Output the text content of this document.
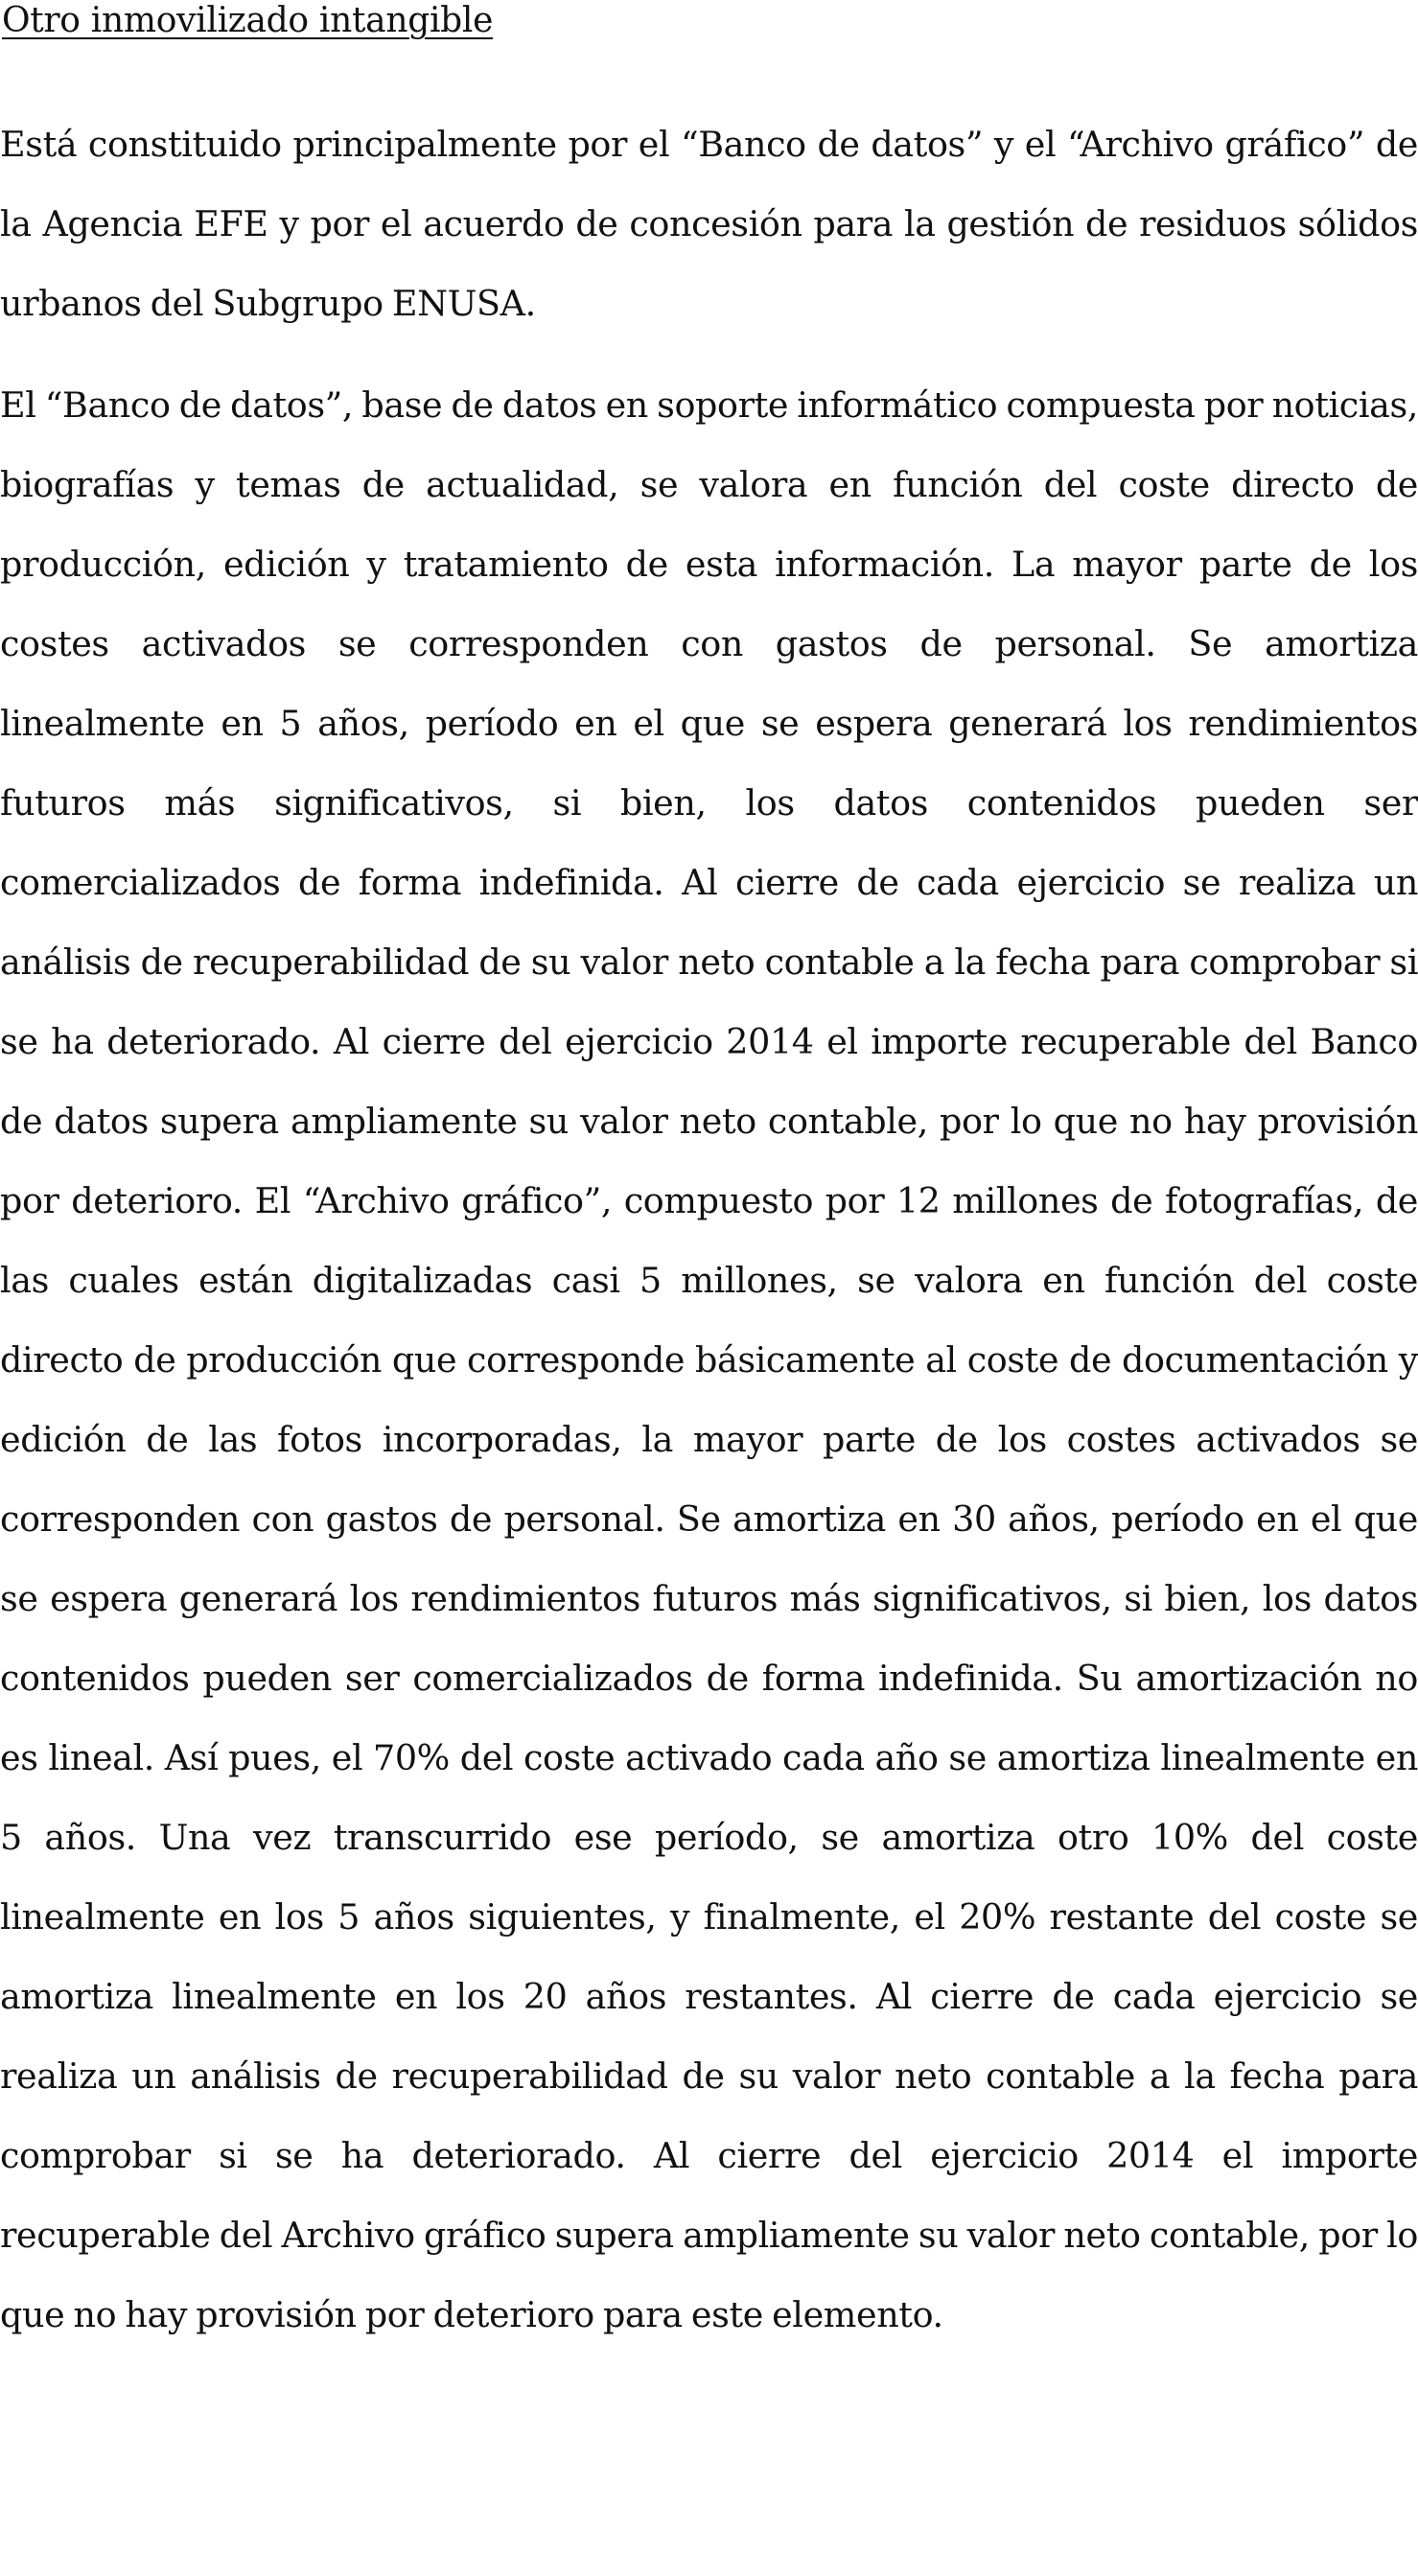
Otro inmovilizado intangible

Está constituido principalmente por el “Banco de datos” y el “Archivo gráfico” de la Agencia EFE y por el acuerdo de concesión para la gestión de residuos sólidos urbanos del Subgrupo ENUSA.

El “Banco de datos”, base de datos en soporte informático compuesta por noticias, biografías y temas de actualidad, se valora en función del coste directo de producción, edición y tratamiento de esta información. La mayor parte de los costes activados se corresponden con gastos de personal. Se amortiza linealmente en 5 años, período en el que se espera generará los rendimientos futuros más significativos, si bien, los datos contenidos pueden ser comercializados de forma indefinida. Al cierre de cada ejercicio se realiza un análisis de recuperabilidad de su valor neto contable a la fecha para comprobar si se ha deteriorado. Al cierre del ejercicio 2014 el importe recuperable del Banco de datos supera ampliamente su valor neto contable, por lo que no hay provisión por deterioro. El “Archivo gráfico”, compuesto por 12 millones de fotografías, de las cuales están digitalizadas casi 5 millones, se valora en función del coste directo de producción que corresponde básicamente al coste de documentación y edición de las fotos incorporadas, la mayor parte de los costes activados se corresponden con gastos de personal. Se amortiza en 30 años, período en el que se espera generará los rendimientos futuros más significativos, si bien, los datos contenidos pueden ser comercializados de forma indefinida. Su amortización no es lineal. Así pues, el 70% del coste activado cada año se amortiza linealmente en 5 años. Una vez transcurrido ese período, se amortiza otro 10% del coste linealmente en los 5 años siguientes, y finalmente, el 20% restante del coste se amortiza linealmente en los 20 años restantes. Al cierre de cada ejercicio se realiza un análisis de recuperabilidad de su valor neto contable a la fecha para comprobar si se ha deteriorado. Al cierre del ejercicio 2014 el importe recuperable del Archivo gráfico supera ampliamente su valor neto contable, por lo que no hay provisión por deterioro para este elemento.
